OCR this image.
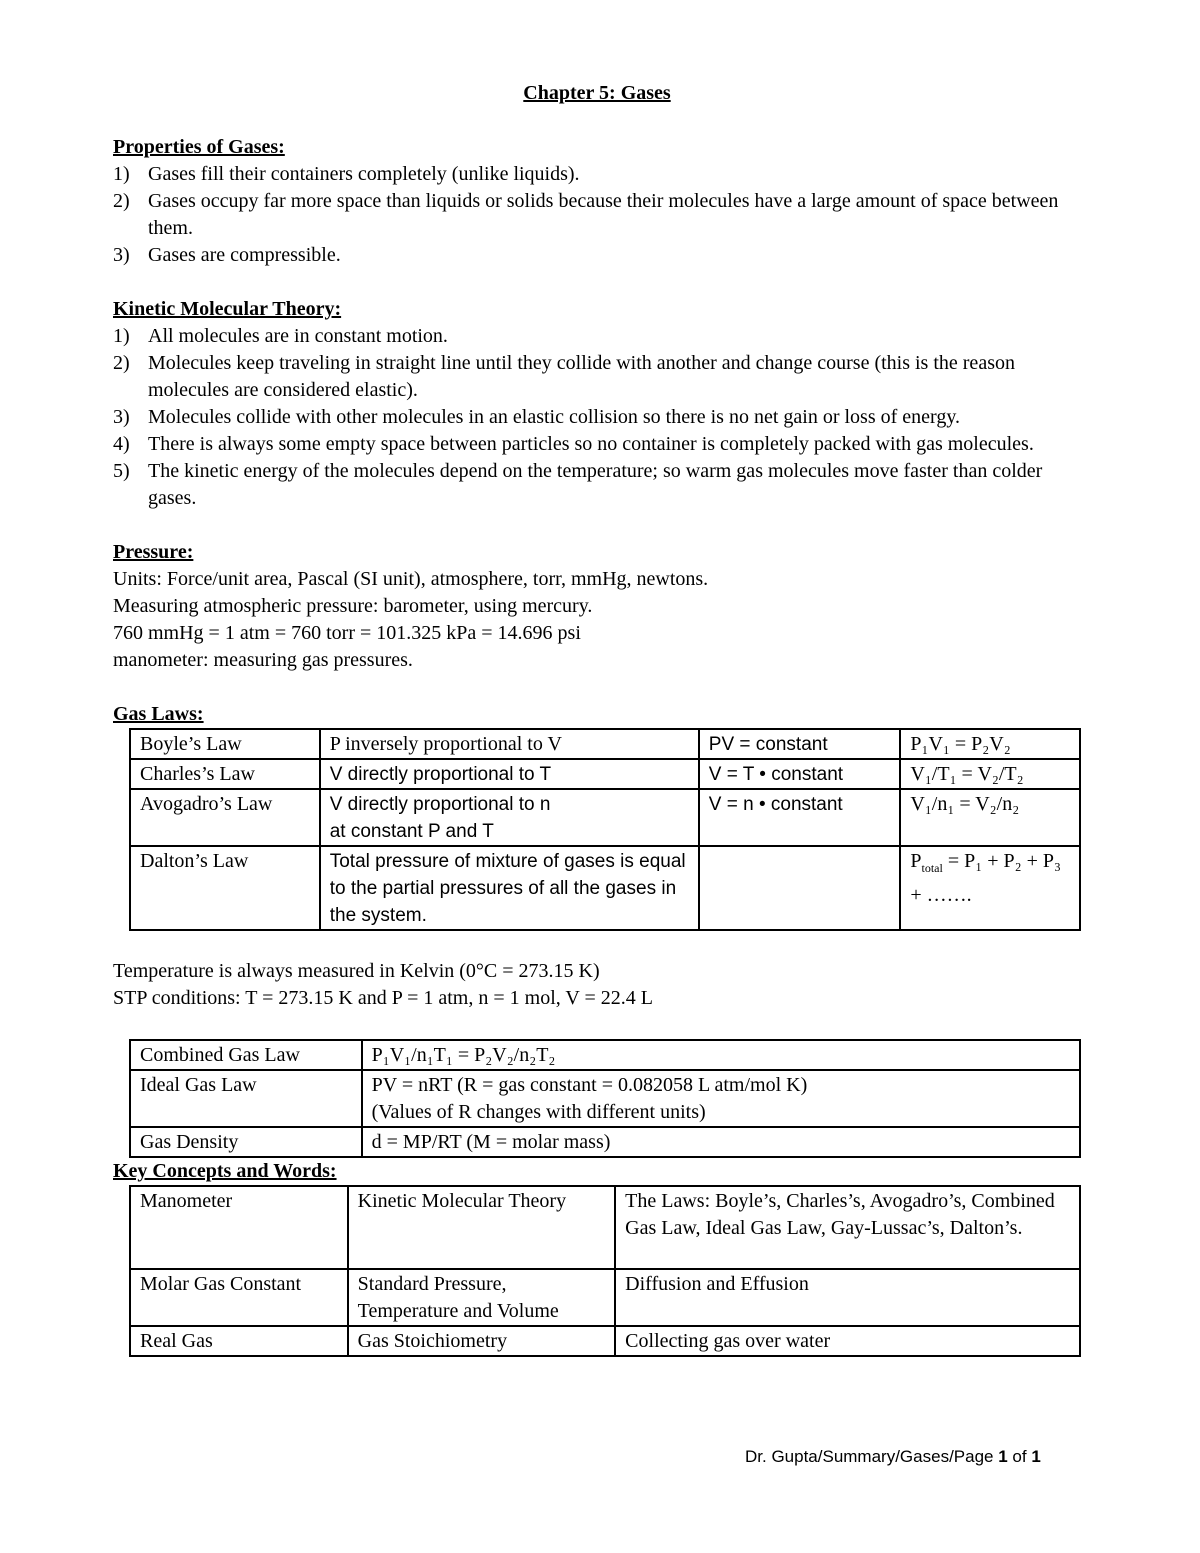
Chapter 5: Gases
Properties of Gases:
1) Gases fill their containers completely (unlike liquids).
2) Gases occupy far more space than liquids or solids because their molecules have a large amount of space between them.
3) Gases are compressible.
Kinetic Molecular Theory:
1) All molecules are in constant motion.
2) Molecules keep traveling in straight line until they collide with another and change course (this is the reason molecules are considered elastic).
3) Molecules collide with other molecules in an elastic collision so there is no net gain or loss of energy.
4) There is always some empty space between particles so no container is completely packed with gas molecules.
5) The kinetic energy of the molecules depend on the temperature; so warm gas molecules move faster than colder gases.
Pressure:
Units: Force/unit area, Pascal (SI unit), atmosphere, torr, mmHg, newtons.
Measuring atmospheric pressure: barometer, using mercury.
760 mmHg = 1 atm = 760 torr = 101.325 kPa = 14.696 psi
manometer: measuring gas pressures.
Gas Laws:
Boyle’s Law	P inversely proportional to V	PV = constant	P₁V₁ = P₂V₂
Charles’s Law	V directly proportional to T	V = T • constant	V₁/T₁ = V₂/T₂
Avogadro’s Law	V directly proportional to n
at constant P and T	V = n • constant	V₁/n₁ = V₂/n₂
Dalton’s Law	Total pressure of mixture of gases is equal to the partial pressures of all the gases in the system.		$P_{total} = P_1 + P_2 + P_3$ + …….
Temperature is always measured in Kelvin (0°C = 273.15 K)
STP conditions: T = 273.15 K and P = 1 atm, n = 1 mol, V = 22.4 L
Combined Gas Law	P₁V₁/n₁T₁ = P₂V₂/n₂T₂
Ideal Gas Law	PV = nRT (R = gas constant = 0.082058 L atm/mol K)
(Values of R changes with different units)

Gas Density	d = MP/RT (M = molar mass)
Key Concepts and Words:
Manometer	Kinetic Molecular Theory	The Laws: Boyle’s, Charles’s, Avogadro’s, Combined Gas Law, Ideal Gas Law, Gay-Lussac’s, Dalton’s.
Molar Gas Constant	Standard Pressure, Temperature and Volume	Diffusion and Effusion
Real Gas	Gas Stoichiometry	Collecting gas over water
Dr. Gupta/Summary/Gases/Page 1 of 1
